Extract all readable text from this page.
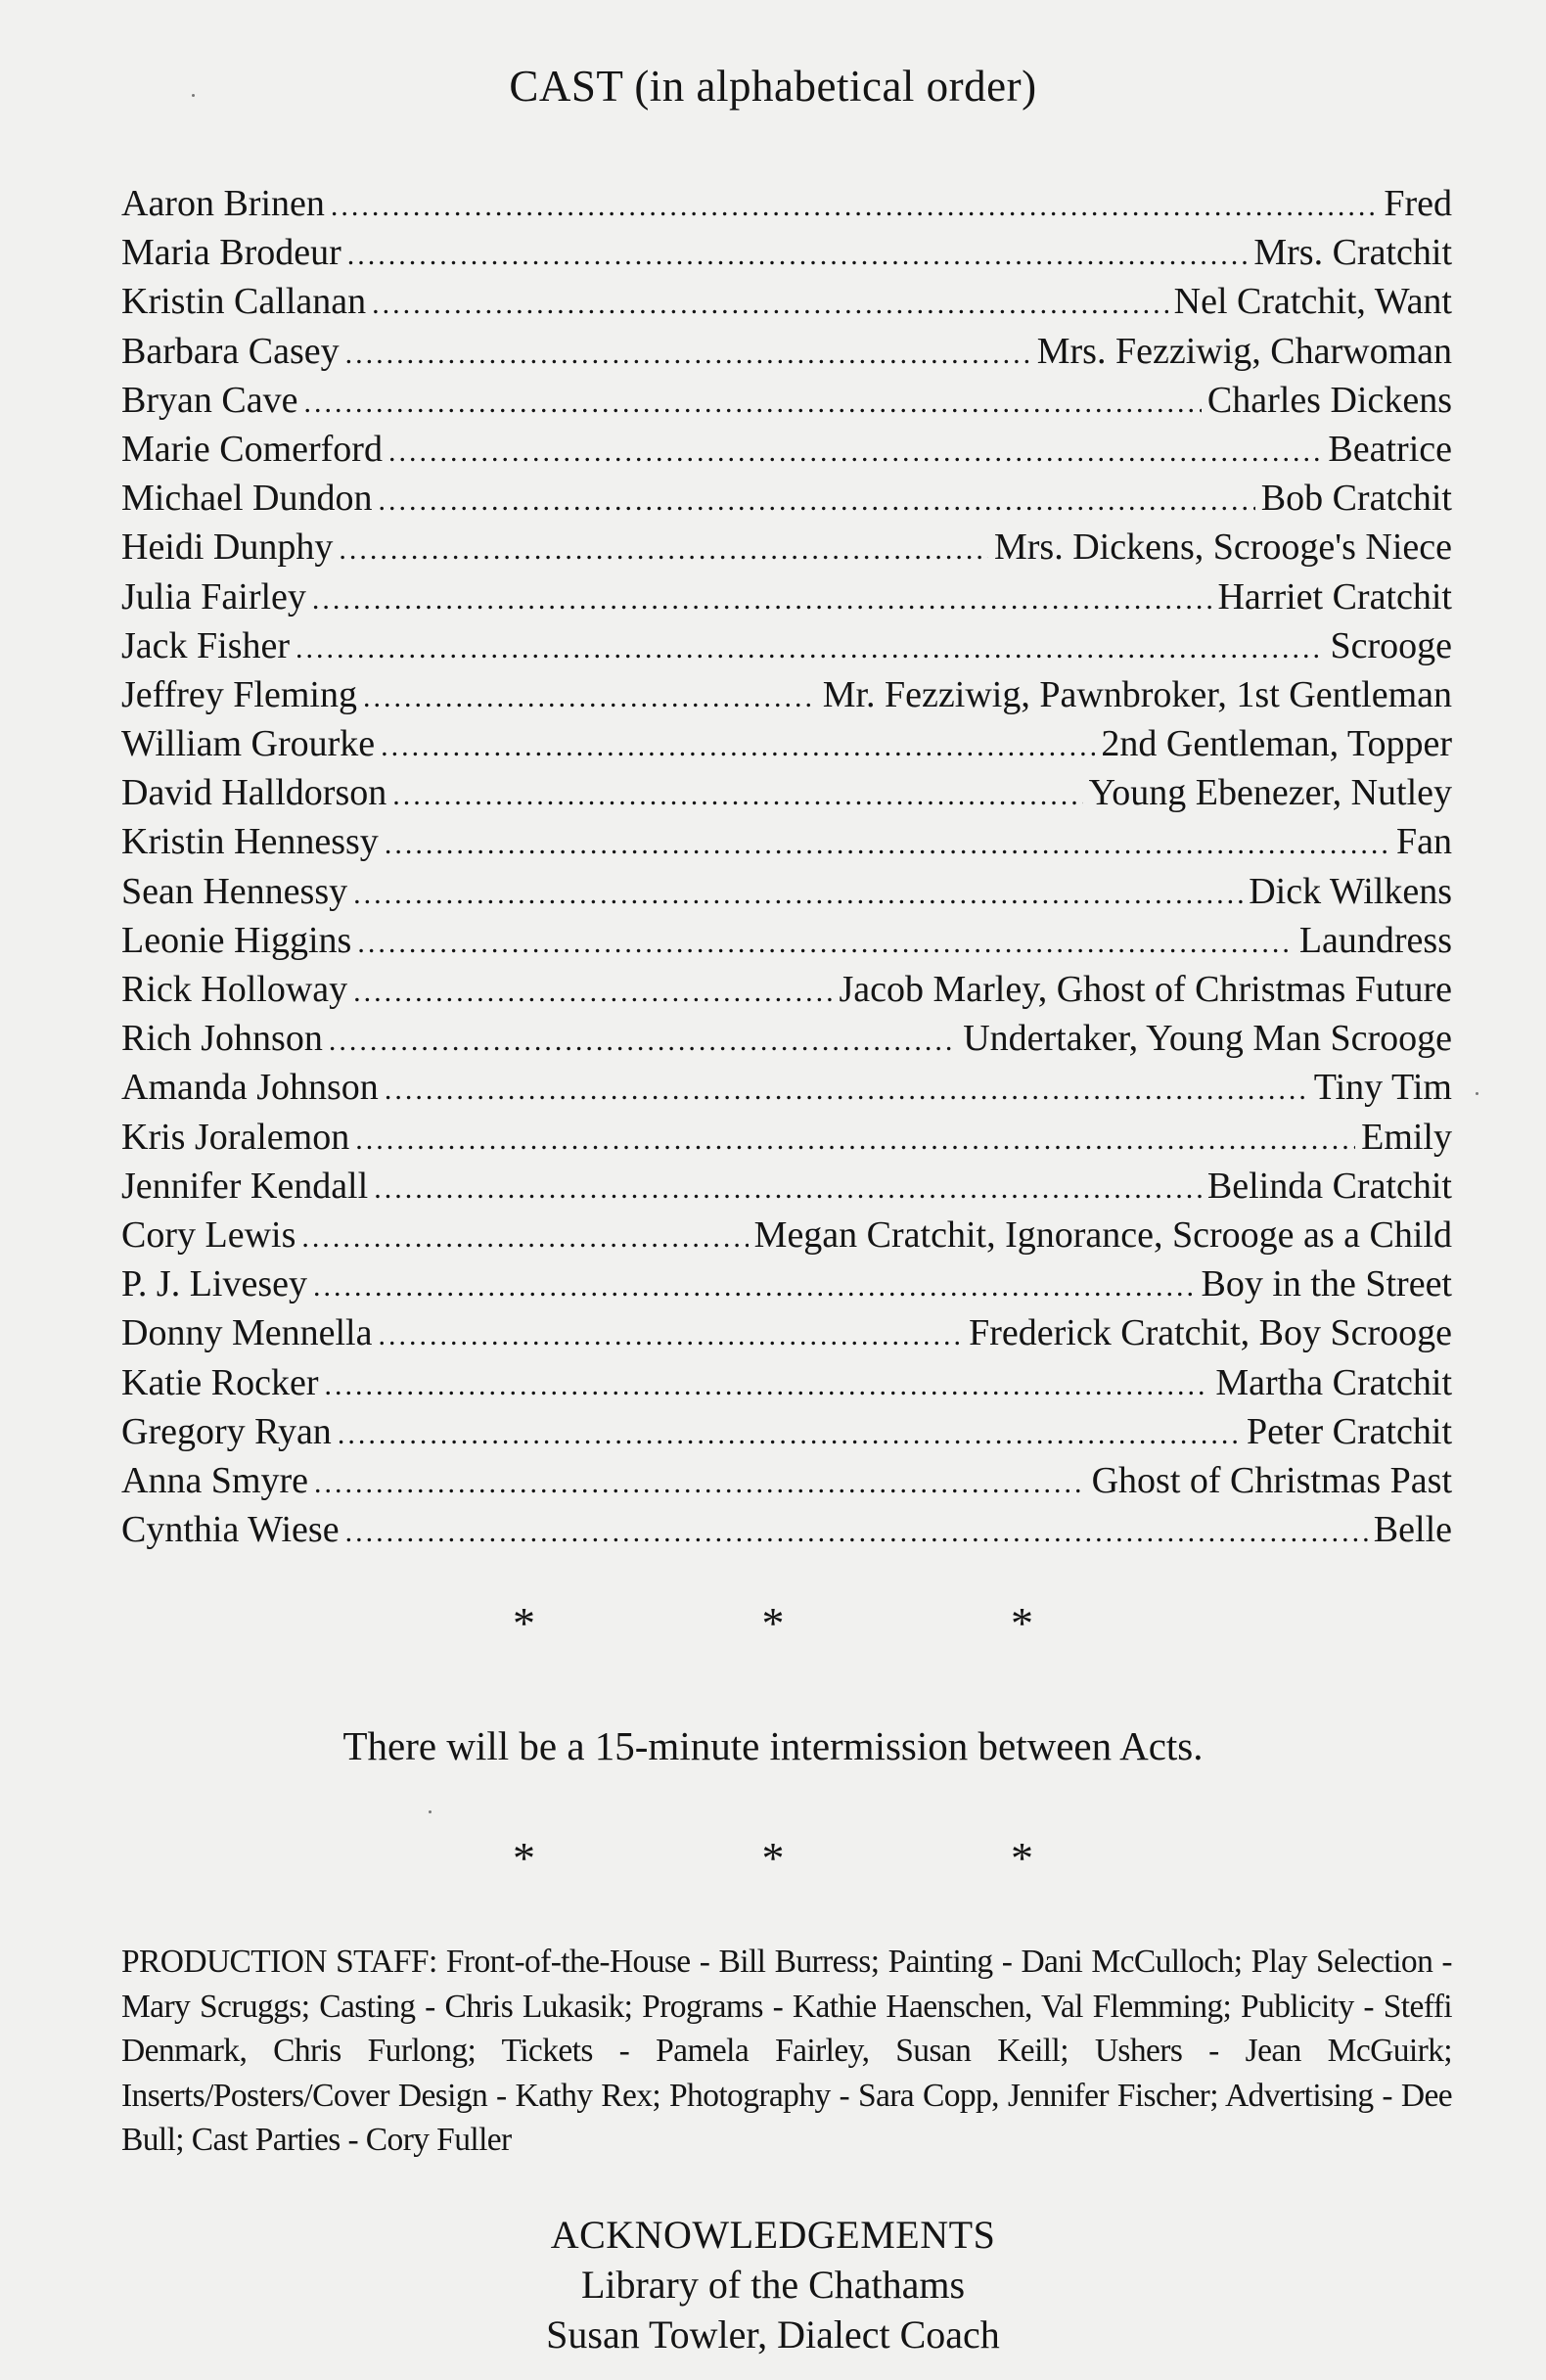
CAST (in alphabetical order)
Aaron Brinen .....	Fred
Maria Brodeur .....	Mrs. Cratchit
Kristin Callanan .....	Nel Cratchit, Want
Barbara Casey .....	Mrs. Fezziwig, Charwoman
Bryan Cave .....	Charles Dickens
Marie Comerford .....	Beatrice
Michael Dundon .....	Bob Cratchit
Heidi Dunphy .....	Mrs. Dickens, Scrooge's Niece
Julia Fairley .....	Harriet Cratchit
Jack Fisher .....	Scrooge
Jeffrey Fleming .....	Mr. Fezziwig, Pawnbroker, 1st Gentleman
William Grourke .....	2nd Gentleman, Topper
David Halldorson .....	Young Ebenezer, Nutley
Kristin Hennessy .....	Fan
Sean Hennessy .....	Dick Wilkens
Leonie Higgins .....	Laundress
Rick Holloway .....	Jacob Marley, Ghost of Christmas Future
Rich Johnson .....	Undertaker, Young Man Scrooge
Amanda Johnson .....	Tiny Tim
Kris Joralemon .....	Emily
Jennifer Kendall .....	Belinda Cratchit
Cory Lewis .....	Megan Cratchit, Ignorance, Scrooge as a Child
P. J. Livesey .....	Boy in the Street
Donny Mennella .....	Frederick Cratchit, Boy Scrooge
Katie Rocker .....	Martha Cratchit
Gregory Ryan .....	Peter Cratchit
Anna Smyre .....	Ghost of Christmas Past
Cynthia Wiese .....	Belle
* * *
There will be a 15-minute intermission between Acts.
* * *
PRODUCTION STAFF: Front-of-the-House - Bill Burress; Painting - Dani McCulloch; Play Selection - Mary Scruggs; Casting - Chris Lukasik; Programs - Kathie Haenschen, Val Flemming; Publicity - Steffi Denmark, Chris Furlong; Tickets - Pamela Fairley, Susan Keill; Ushers - Jean McGuirk; Inserts/Posters/Cover Design - Kathy Rex; Photography - Sara Copp, Jennifer Fischer; Advertising - Dee Bull; Cast Parties - Cory Fuller
ACKNOWLEDGEMENTS
Library of the Chathams
Susan Towler, Dialect Coach
